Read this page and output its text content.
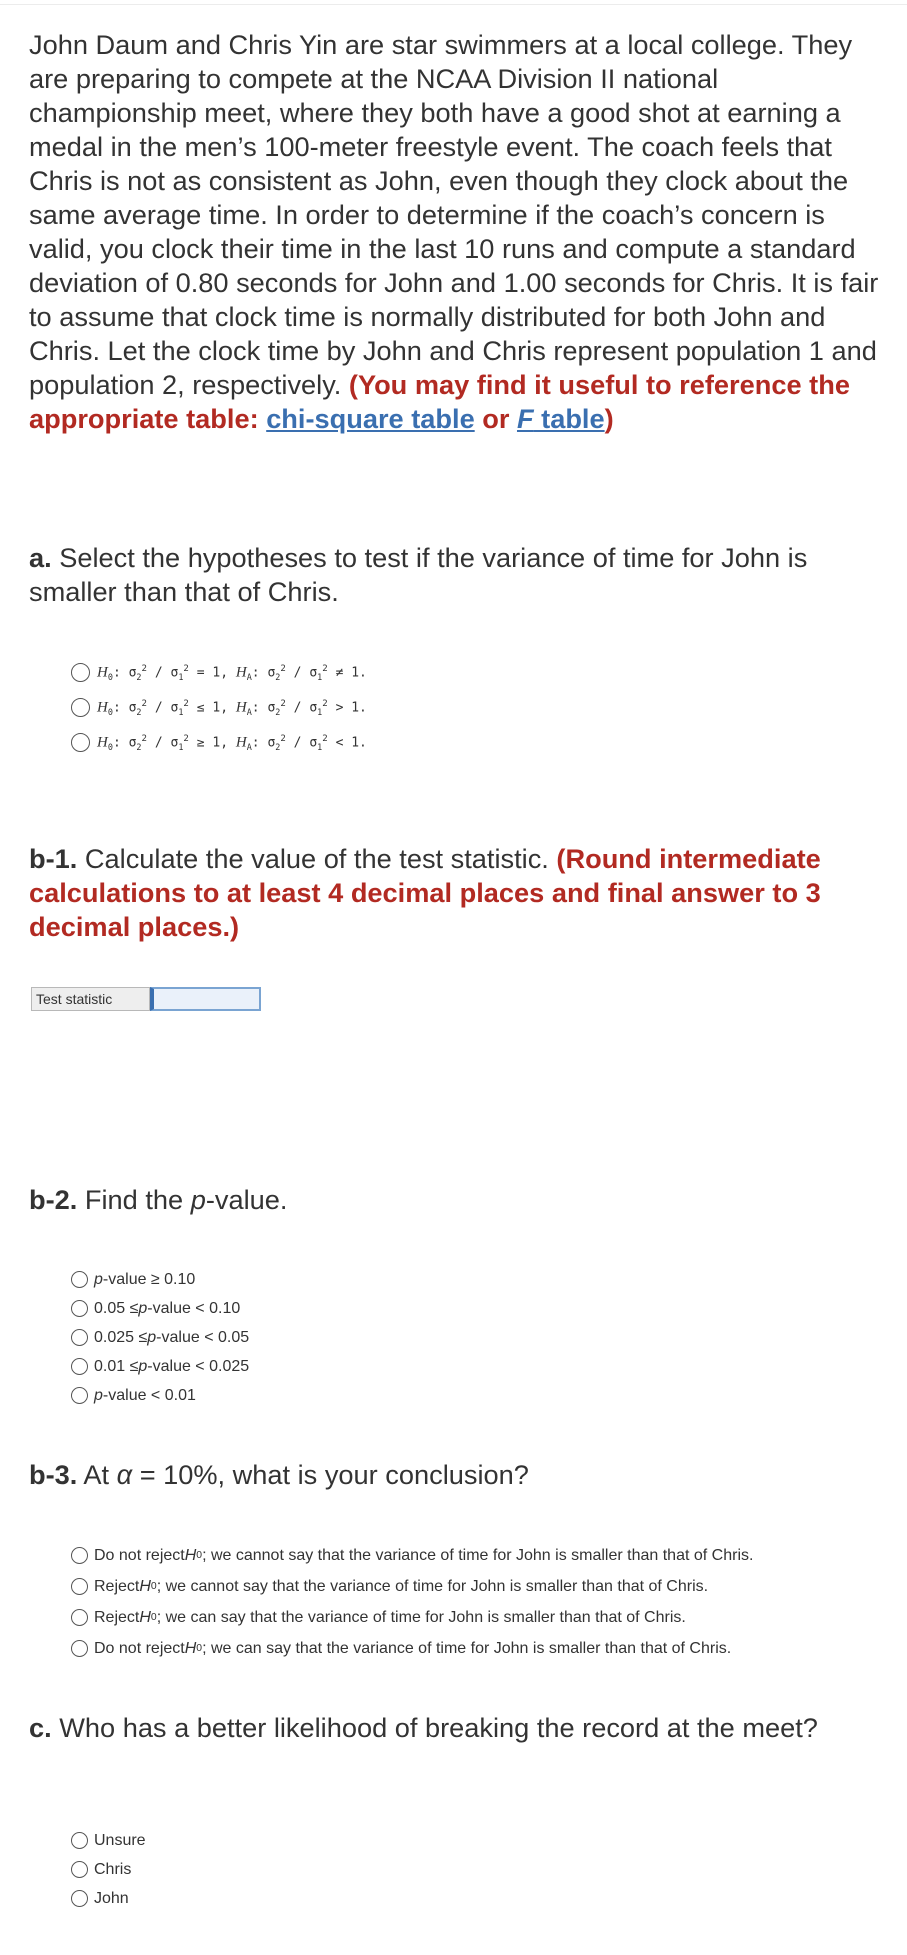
John Daum and Chris Yin are star swimmers at a local college. They are preparing to compete at the NCAA Division II national championship meet, where they both have a good shot at earning a medal in the men’s 100-meter freestyle event. The coach feels that Chris is not as consistent as John, even though they clock about the same average time. In order to determine if the coach’s concern is valid, you clock their time in the last 10 runs and compute a standard deviation of 0.80 seconds for John and 1.00 seconds for Chris. It is fair to assume that clock time is normally distributed for both John and Chris. Let the clock time by John and Chris represent population 1 and population 2, respectively. (You may find it useful to reference the appropriate table: chi-square table or F table)

a. Select the hypotheses to test if the variance of time for John is smaller than that of Chris.

$H_0$: $\sigma_2^2 / \sigma_1^2 = 1$, $H_A$: $\sigma_2^2 / \sigma_1^2 \ne 1$.
$H_0$: $\sigma_2^2 / \sigma_1^2 \le 1$, $H_A$: $\sigma_2^2 / \sigma_1^2 > 1$.
$H_0$: $\sigma_2^2 / \sigma_1^2 \ge 1$, $H_A$: $\sigma_2^2 / \sigma_1^2 < 1$.

b-1. Calculate the value of the test statistic. (Round intermediate calculations to at least 4 decimal places and final answer to 3 decimal places.)

Test statistic

b-2. Find the p-value.

p -value ≥ 0.10
0.05 ≤ p -value < 0.10
0.025 ≤ p -value < 0.05
0.01 ≤ p -value < 0.025
p -value < 0.01

b-3. At α = 10%, what is your conclusion?

Do not reject H 0 ; we cannot say that the variance of time for John is smaller than that of Chris.
Reject H 0 ; we cannot say that the variance of time for John is smaller than that of Chris.
Reject H 0 ; we can say that the variance of time for John is smaller than that of Chris.
Do not reject H 0 ; we can say that the variance of time for John is smaller than that of Chris.

c. Who has a better likelihood of breaking the record at the meet?

Unsure
Chris
John
